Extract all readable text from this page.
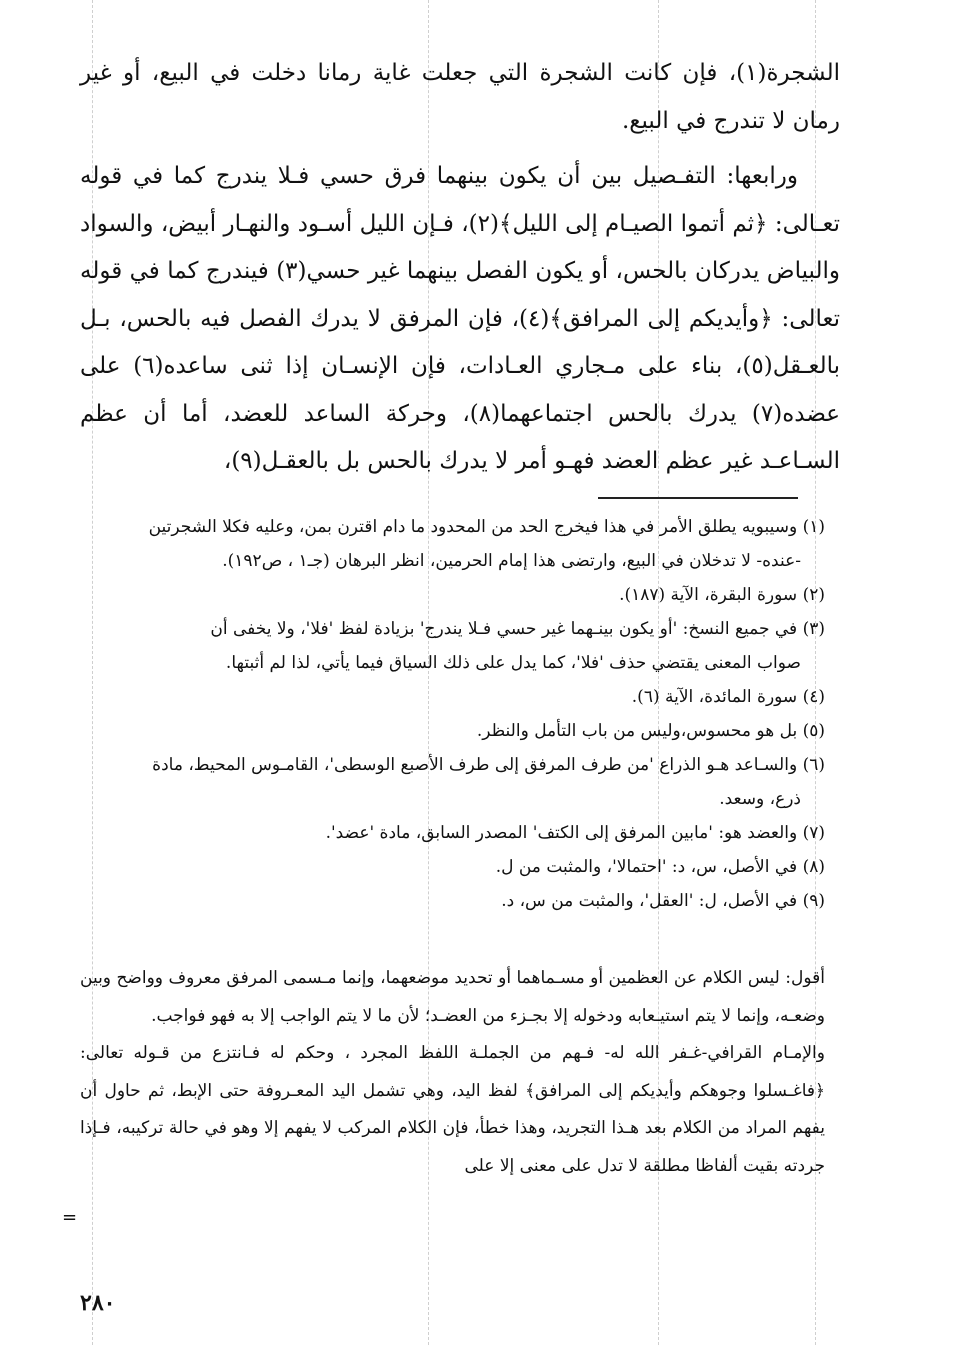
الشجرة(١)، فإن كانت الشجرة التي جعلت غاية رمانا دخلت في البيع، أو غير رمان لا تندرج في البيع.

ورابعها: التفـصيل بين أن يكون بينهما فرق حسي فـلا يندرج كما في قوله تعـالى: ﴿ثم أتموا الصيـام إلى الليل﴾(٢)، فـإن الليل أسـود والنهـار أبيض، والسواد والبياض يدركان بالحس، أو يكون الفصل بينهما غير حسي(٣) فيندرج كما في قوله تعالى: ﴿وأيديكم إلى المرافق﴾(٤)، فإن المرفق لا يدرك الفصل فيه بالحس، بـل بالعـقل(٥)، بناء على مـجاري العـادات، فإن الإنسـان إذا ثنى ساعده(٦) على عضده(٧) يدرك بالحس اجتماعهما(٨)، وحركة الساعد للعضد، أما أن عظم السـاعـد غير عظم العضد فهـو أمر لا يدرك بالحس بل بالعقـل(٩)،

(١) وسيبويه يطلق الأمر في هذا فيخرج الحد من المحدود ما دام اقترن بمن، وعليه فكلا الشجرتين
-عنده- لا تدخلان في البيع، وارتضى هذا إمام الحرمين، انظر البرهان (جـ١ ، ص١٩٢).
(٢) سورة البقرة، الآية (١٨٧).
(٣) في جميع النسخ: 'أو يكون بينـهما غير حسي فـلا يندرج' بزيادة لفظ 'فلا'، ولا يخفى أن
صواب المعنى يقتضي حذف 'فلا'، كما يدل على ذلك السياق فيما يأتي، لذا لم أثبتها.
(٤) سورة المائدة، الآية (٦).
(٥) بل هو محسوس،وليس من باب التأمل والنظر.
(٦) والسـاعد هـو الذراع 'من طرف المرفق إلى طرف الأصبع الوسطى'، القامـوس المحيط، مادة
ذرع، وسعد.
(٧) والعضد هو: 'مابين المرفق إلى الكتف' المصدر السابق، مادة 'عضد'.
(٨) في الأصل، س، د: 'احتمالا'، والمثبت من ل.
(٩) في الأصل، ل: 'العقل'، والمثبت من س، د.

أقول: ليس الكلام عن العظمين أو مسـماهما أو تحديد موضعهما، وإنما مـسمى المرفق معروف وواضح وبين وضعـه، وإنما لا يتم استيـعابه ودخوله إلا بجـزء من العضـد؛ لأن ما لا يتم الواجب إلا به فهو فواجب.

والإمـام القرافي-غـفر الله له- فـهم من الجملـة اللفظ المجرد ، وحكم له فـانتزع من قـوله تعالى: ﴿فاغـسلوا وجوهكم وأيديكم إلى المرافق﴾ لفظ اليد، وهي تشمل اليد المعـروفة حتى الإبط، ثم حاول أن يفهم المراد من الكلام بعد هـذا التجريد، وهذا خطأ، فإن الكلام المركب لا يفهم إلا وهو في حالة تركيبه، فـإذا جردته بقيت ألفاظا مطلقة لا تدل على معنى إلا على

=
٢٨٠
